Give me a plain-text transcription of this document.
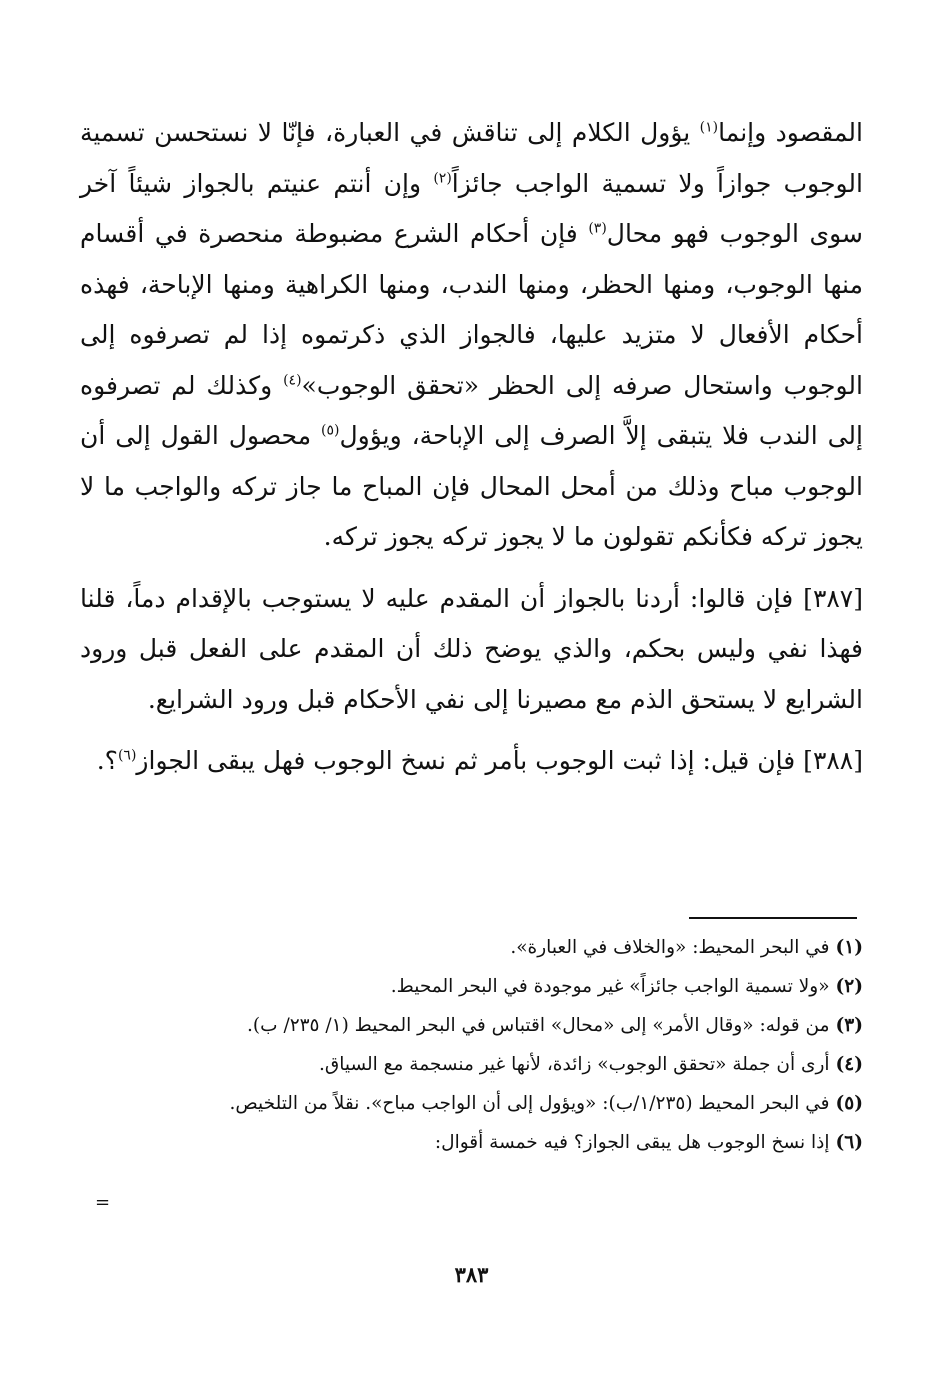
المقصود وإنما$^{(١)}$ يؤول الكلام إلى تناقش في العبارة، فإنّا لا نستحسن تسمية الوجوب جوازاً ولا تسمية الواجب جائزاً$^{(٢)}$ وإن أنتم عنيتم بالجواز شيئاً آخر سوى الوجوب فهو محال$^{(٣)}$ فإن أحكام الشرع مضبوطة منحصرة في أقسام منها الوجوب، ومنها الحظر، ومنها الندب، ومنها الكراهية ومنها الإباحة، فهذه أحكام الأفعال لا متزيد عليها، فالجواز الذي ذكرتموه إذا لم تصرفوه إلى الوجوب واستحال صرفه إلى الحظر «تحقق الوجوب»$^{(٤)}$ وكذلك لم تصرفوه إلى الندب فلا يتبقى إلاَّ الصرف إلى الإباحة، ويؤول$^{(٥)}$ محصول القول إلى أن الوجوب مباح وذلك من أمحل المحال فإن المباح ما جاز تركه والواجب ما لا يجوز تركه فكأنكم تقولون ما لا يجوز تركه يجوز تركه.

[٣٨٧] فإن قالوا: أردنا بالجواز أن المقدم عليه لا يستوجب بالإقدام دماً، قلنا فهذا نفي وليس بحكم، والذي يوضح ذلك أن المقدم على الفعل قبل ورود الشرايع لا يستحق الذم مع مصيرنا إلى نفي الأحكام قبل ورود الشرايع.

[٣٨٨] فإن قيل: إذا ثبت الوجوب بأمر ثم نسخ الوجوب فهل يبقى الجواز$^{(٦)}$؟.

(١)في البحر المحيط: «والخلاف في العبارة».

(٢)«ولا تسمية الواجب جائزاً» غير موجودة في البحر المحيط.

(٣)من قوله: «وقال الأمر» إلى «محال» اقتباس في البحر المحيط (١/ ٢٣٥/ ب).

(٤)أرى أن جملة «تحقق الوجوب» زائدة، لأنها غير منسجمة مع السياق.

(٥)في البحر المحيط (١/٢٣٥/ب): «ويؤول إلى أن الواجب مباح». نقلاً من التلخيص.

(٦)إذا نسخ الوجوب هل يبقى الجواز؟ فيه خمسة أقوال:

=
٣٨٣
